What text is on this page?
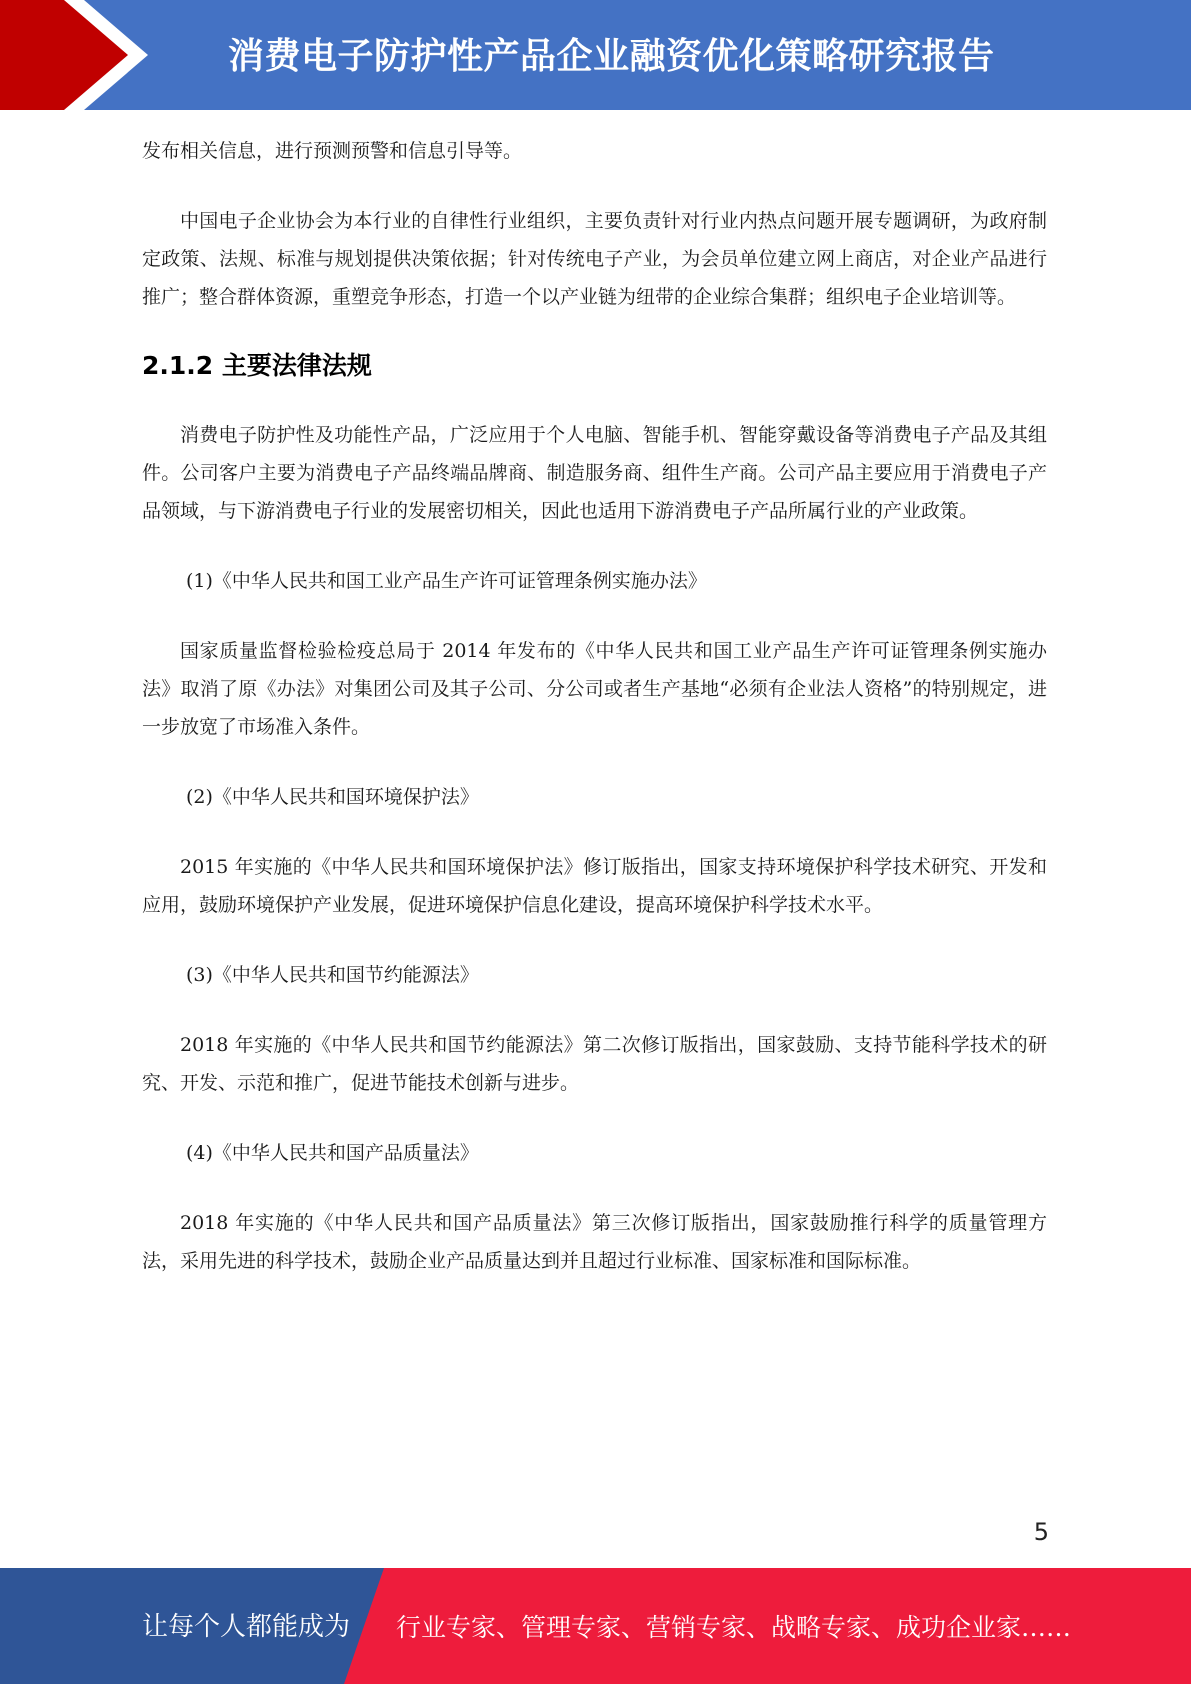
消费电子防护性产品企业融资优化策略研究报告

发布相关信息，进行预测预警和信息引导等。

中国电子企业协会为本行业的自律性行业组织，主要负责针对行业内热点问题开展专题调研，为政府制定政策、法规、标准与规划提供决策依据；针对传统电子产业，为会员单位建立网上商店，对企业产品进行推广；整合群体资源，重塑竞争形态，打造一个以产业链为纽带的企业综合集群；组织电子企业培训等。

2.1.2 主要法律法规

消费电子防护性及功能性产品，广泛应用于个人电脑、智能手机、智能穿戴设备等消费电子产品及其组件。公司客户主要为消费电子产品终端品牌商、制造服务商、组件生产商。公司产品主要应用于消费电子产品领域，与下游消费电子行业的发展密切相关，因此也适用下游消费电子产品所属行业的产业政策。

(1)《中华人民共和国工业产品生产许可证管理条例实施办法》

国家质量监督检验检疫总局于 2014 年发布的《中华人民共和国工业产品生产许可证管理条例实施办法》取消了原《办法》对集团公司及其子公司、分公司或者生产基地“必须有企业法人资格”的特别规定，进一步放宽了市场准入条件。

(2)《中华人民共和国环境保护法》

2015 年实施的《中华人民共和国环境保护法》修订版指出，国家支持环境保护科学技术研究、开发和应用，鼓励环境保护产业发展，促进环境保护信息化建设，提高环境保护科学技术水平。

(3)《中华人民共和国节约能源法》

2018 年实施的《中华人民共和国节约能源法》第二次修订版指出，国家鼓励、支持节能科学技术的研究、开发、示范和推广，促进节能技术创新与进步。

(4)《中华人民共和国产品质量法》

2018 年实施的《中华人民共和国产品质量法》第三次修订版指出，国家鼓励推行科学的质量管理方法，采用先进的科学技术，鼓励企业产品质量达到并且超过行业标准、国家标准和国际标准。

5
让每个人都能成为 行业专家、管理专家、营销专家、战略专家、成功企业家……
